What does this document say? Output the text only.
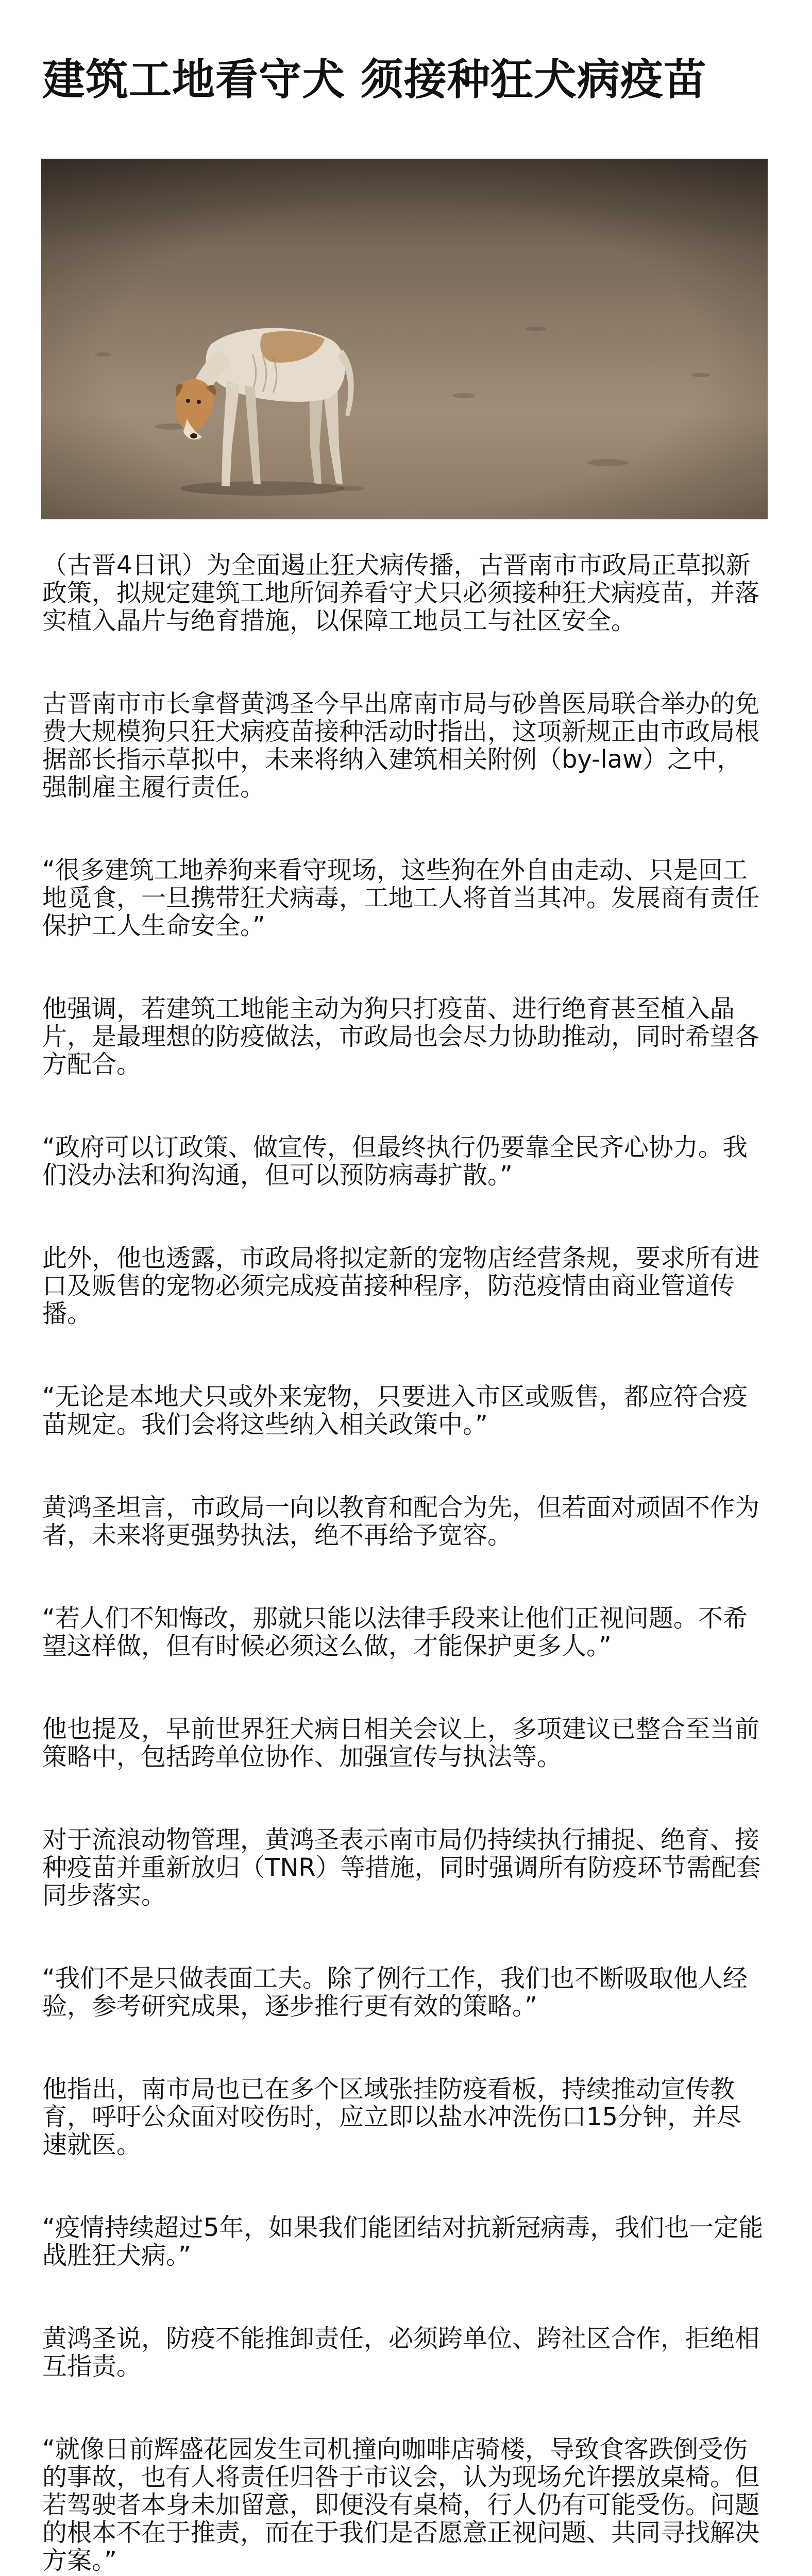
建筑工地看守犬 须接种狂犬病疫苗

（古晋4日讯）为全面遏止狂犬病传播，古晋南市市政局正草拟新政策，拟规定建筑工地所饲养看守犬只必须接种狂犬病疫苗，并落实植入晶片与绝育措施，以保障工地员工与社区安全。

古晋南市市长拿督黄鸿圣今早出席南市局与砂兽医局联合举办的免费大规模狗只狂犬病疫苗接种活动时指出，这项新规正由市政局根据部长指示草拟中，未来将纳入建筑相关附例（by-law）之中，强制雇主履行责任。

“很多建筑工地养狗来看守现场，这些狗在外自由走动、只是回工地觅食，一旦携带狂犬病毒，工地工人将首当其冲。发展商有责任保护工人生命安全。”

他强调，若建筑工地能主动为狗只打疫苗、进行绝育甚至植入晶片，是最理想的防疫做法，市政局也会尽力协助推动，同时希望各方配合。

“政府可以订政策、做宣传，但最终执行仍要靠全民齐心协力。我们没办法和狗沟通，但可以预防病毒扩散。”

此外，他也透露，市政局将拟定新的宠物店经营条规，要求所有进口及贩售的宠物必须完成疫苗接种程序，防范疫情由商业管道传播。

“无论是本地犬只或外来宠物，只要进入市区或贩售，都应符合疫苗规定。我们会将这些纳入相关政策中。”

黄鸿圣坦言，市政局一向以教育和配合为先，但若面对顽固不作为者，未来将更强势执法，绝不再给予宽容。

“若人们不知悔改，那就只能以法律手段来让他们正视问题。不希望这样做，但有时候必须这么做，才能保护更多人。”

他也提及，早前世界狂犬病日相关会议上，多项建议已整合至当前策略中，包括跨单位协作、加强宣传与执法等。

对于流浪动物管理，黄鸿圣表示南市局仍持续执行捕捉、绝育、接种疫苗并重新放归（TNR）等措施，同时强调所有防疫环节需配套同步落实。

“我们不是只做表面工夫。除了例行工作，我们也不断吸取他人经验，参考研究成果，逐步推行更有效的策略。”

他指出，南市局也已在多个区域张挂防疫看板，持续推动宣传教育，呼吁公众面对咬伤时，应立即以盐水冲洗伤口15分钟，并尽速就医。

“疫情持续超过5年，如果我们能团结对抗新冠病毒，我们也一定能战胜狂犬病。”

黄鸿圣说，防疫不能推卸责任，必须跨单位、跨社区合作，拒绝相互指责。

“就像日前辉盛花园发生司机撞向咖啡店骑楼，导致食客跌倒受伤的事故，也有人将责任归咎于市议会，认为现场允许摆放桌椅。但若驾驶者本身未加留意，即便没有桌椅，行人仍有可能受伤。问题的根本不在于推责，而在于我们是否愿意正视问题、共同寻找解决方案。”
